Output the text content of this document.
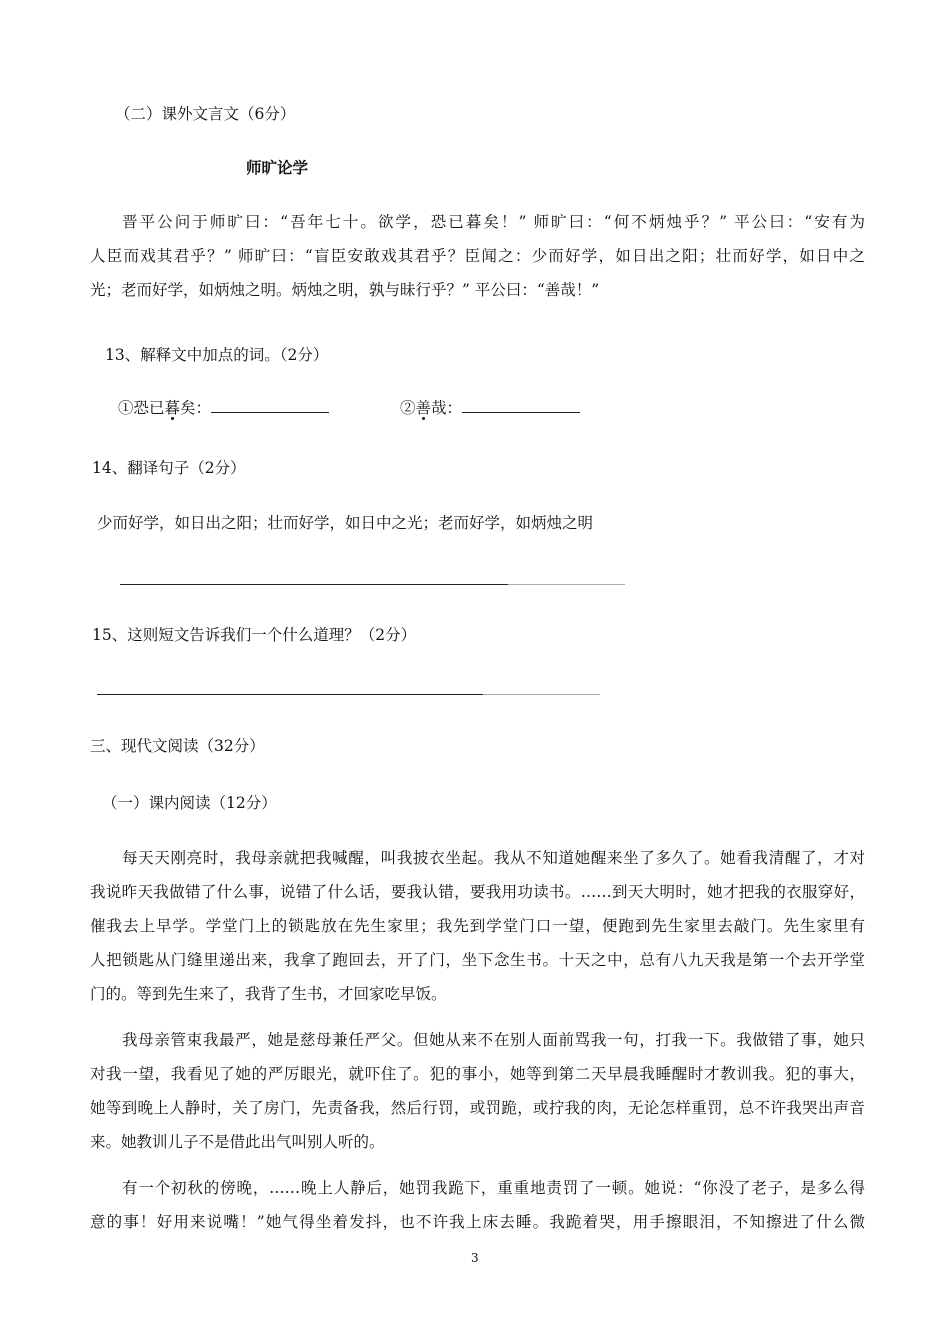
（二）课外文言文（6分）
师旷论学
晋平公问于师旷曰：“吾年七十。欲学，恐已暮矣！” 师旷曰：“何不炳烛乎？” 平公曰：“安有为
人臣而戏其君乎？” 师旷曰：“盲臣安敢戏其君乎？臣闻之：少而好学，如日出之阳；壮而好学，如日中之
光；老而好学，如炳烛之明。炳烛之明，孰与昧行乎？” 平公曰：“善哉！”
13、解释文中加点的词。（2分）
①恐已暮矣：	②善哉：
14、翻译句子（2分）
少而好学，如日出之阳；壮而好学，如日中之光；老而好学，如炳烛之明
15、这则短文告诉我们一个什么道理？（2分）
三、现代文阅读（32分）
（一）课内阅读（12分）
每天天刚亮时，我母亲就把我喊醒，叫我披衣坐起。我从不知道她醒来坐了多久了。她看我清醒了，才对
我说昨天我做错了什么事，说错了什么话，要我认错，要我用功读书。……到天大明时，她才把我的衣服穿好，
催我去上早学。学堂门上的锁匙放在先生家里；我先到学堂门口一望，便跑到先生家里去敲门。先生家里有
人把锁匙从门缝里递出来，我拿了跑回去，开了门，坐下念生书。十天之中，总有八九天我是第一个去开学堂
门的。等到先生来了，我背了生书，才回家吃早饭。
我母亲管束我最严，她是慈母兼任严父。但她从来不在别人面前骂我一句，打我一下。我做错了事，她只
对我一望，我看见了她的严厉眼光，就吓住了。犯的事小，她等到第二天早晨我睡醒时才教训我。犯的事大，
她等到晚上人静时，关了房门，先责备我，然后行罚，或罚跪，或拧我的肉，无论怎样重罚，总不许我哭出声音
来。她教训儿子不是借此出气叫别人听的。
有一个初秋的傍晚，……晚上人静后，她罚我跪下，重重地责罚了一顿。她说：“你没了老子，是多么得
意的事！好用来说嘴！”她气得坐着发抖，也不许我上床去睡。我跪着哭，用手擦眼泪，不知擦进了什么微
3
